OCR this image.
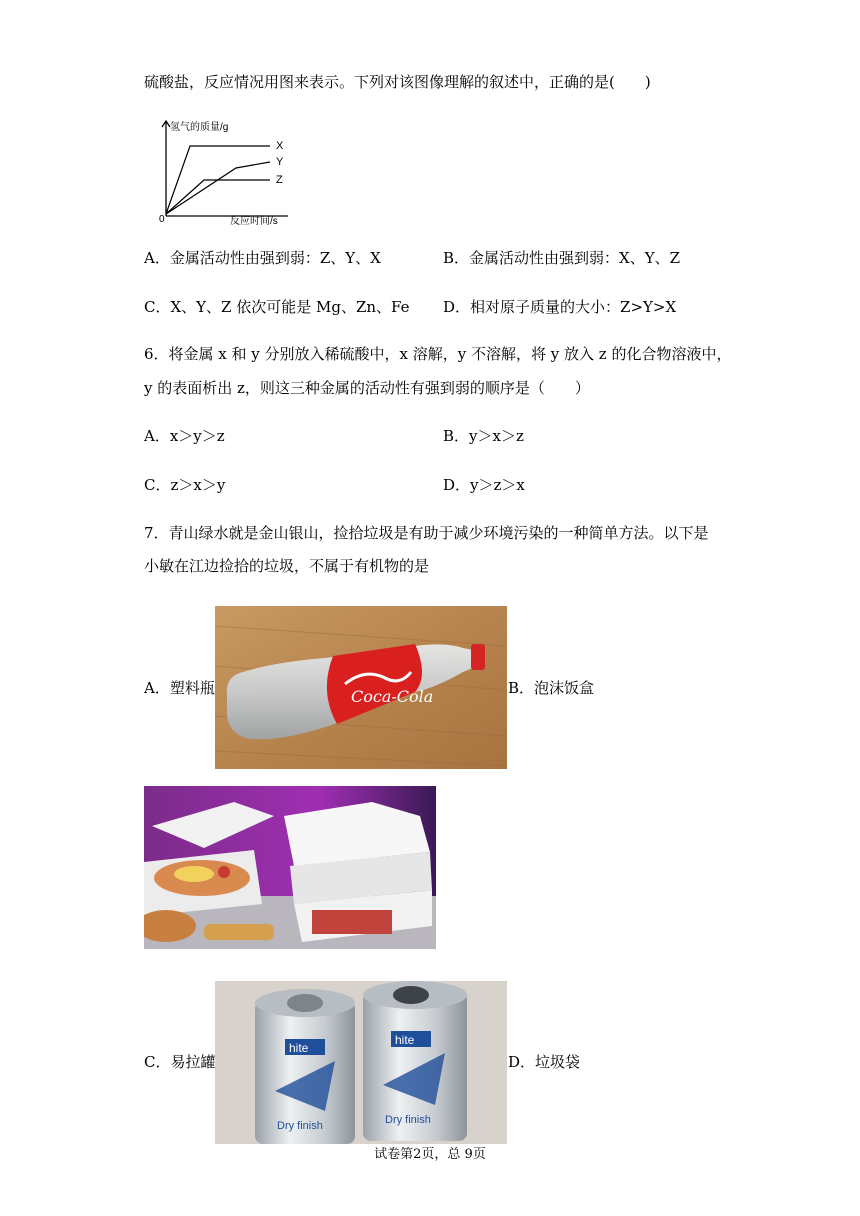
硫酸盐，反应情况用图来表示。下列对该图像理解的叙述中，正确的是(　　)
氢气的质量/g
反应时间/s
0
X
Y
Z
A．金属活动性由强到弱：Z、Y、X	B．金属活动性由强到弱：X、Y、Z
C．X、Y、Z 依次可能是 Mg、Zn、Fe D．相对原子质量的大小：Z>Y>X
6．将金属 x 和 y 分别放入稀硫酸中，x 溶解，y 不溶解，将 y 放入 z 的化合物溶液中，
y 的表面析出 z，则这三种金属的活动性有强到弱的顺序是（　　）
A．x＞y＞z	B．y＞x＞z
C．z＞x＞y	D．y＞z＞x
7．青山绿水就是金山银山，捡拾垃圾是有助于减少环境污染的一种简单方法。以下是
小敏在江边捡拾的垃圾，不属于有机物的是
A．塑料瓶	Coca-Cola	B．泡沫饭盒
C．易拉罐
hite
Dry finish
hite
Dry finish
D．垃圾袋
试卷第2页，总 9页
